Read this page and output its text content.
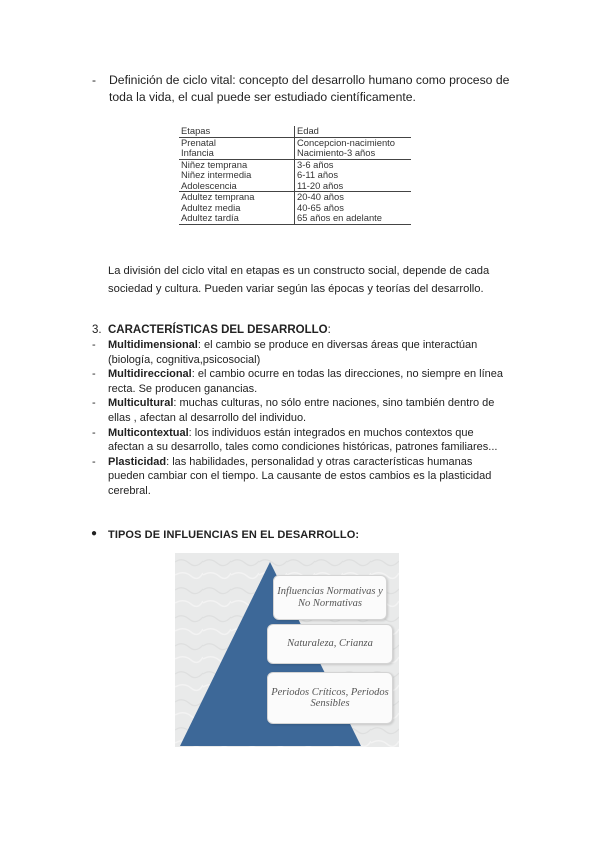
- Definición de ciclo vital: concepto del desarrollo humano como proceso de toda la vida, el cual puede ser estudiado científicamente.
Etapas	Edad
Prenatal	Concepcion-nacimiento
Infancia	Nacimiento-3 años
Niñez temprana	3-6 años
Niñez intermedia	6-11 años
Adolescencia	11-20 años
Adultez temprana	20-40 años
Adultez media	40-65 años
Adultez tardía	65 años en adelante
La división del ciclo vital en etapas es un constructo social, depende de cada sociedad y cultura. Pueden variar según las épocas y teorías del desarrollo.
3. CARACTERÍSTICAS DEL DESARROLLO:
- Multidimensional: el cambio se produce en diversas áreas que interactúan (biología, cognitiva,psicosocial)
- Multidireccional: el cambio ocurre en todas las direcciones, no siempre en línea recta. Se producen ganancias.
- Multicultural: muchas culturas, no sólo entre naciones, sino también dentro de ellas , afectan al desarrollo del individuo.
- Multicontextual: los individuos están integrados en muchos contextos que afectan a su desarrollo, tales como condiciones históricas, patrones familiares...
- Plasticidad: las habilidades, personalidad y otras características humanas pueden cambiar con el tiempo. La causante de estos cambios es la plasticidad cerebral.
● TIPOS DE INFLUENCIAS EN EL DESARROLLO:
Influencias Normativas y No Normativas
Naturaleza, Crianza
Periodos Críticos, Periodos Sensibles
